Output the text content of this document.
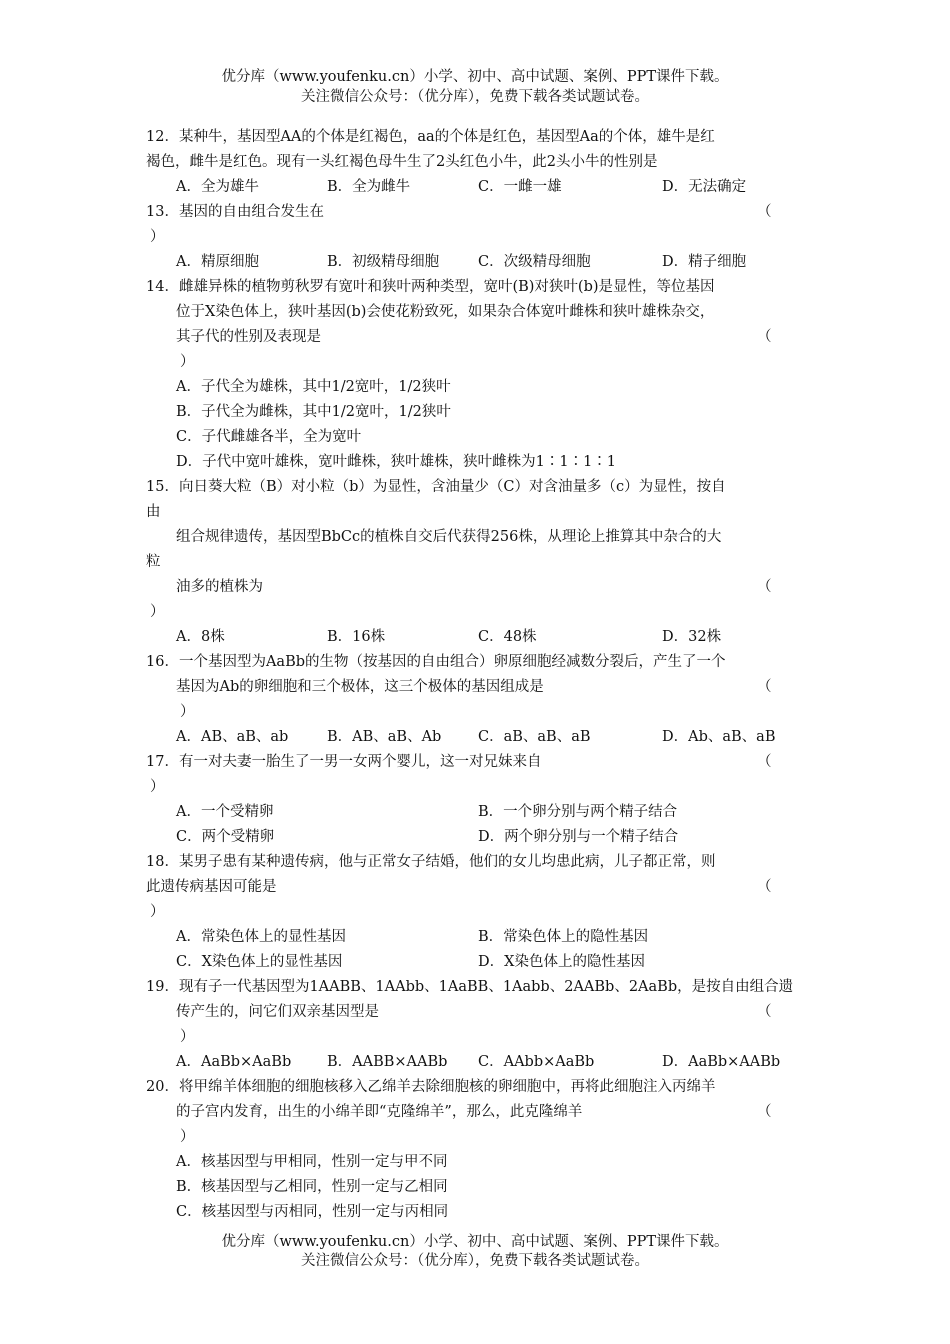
优分库（www.youfenku.cn）小学、初中、高中试题、案例、PPT课件下载。
关注微信公众号：（优分库），免费下载各类试题试卷。
12．某种牛，基因型AA的个体是红褐色，aa的个体是红色，基因型Aa的个体，雄牛是红
褐色，雌牛是红色。现有一头红褐色母牛生了2头红色小牛，此2头小牛的性别是
A．全为雄牛	B．全为雌牛	C．一雌一雄	D．无法确定
13．基因的自由组合发生在	（
）
A．精原细胞	B．初级精母细胞	C．次级精母细胞	D．精子细胞
14．雌雄异株的植物剪秋罗有宽叶和狭叶两种类型，宽叶(B)对狭叶(b)是显性，等位基因
位于X染色体上，狭叶基因(b)会使花粉致死，如果杂合体宽叶雌株和狭叶雄株杂交，
其子代的性别及表现是	（
）
A．子代全为雄株，其中1/2宽叶，1/2狭叶
B．子代全为雌株，其中1/2宽叶，1/2狭叶
C．子代雌雄各半，全为宽叶
D．子代中宽叶雄株，宽叶雌株，狭叶雄株，狭叶雌株为1∶1∶1∶1
15．向日葵大粒（B）对小粒（b）为显性，含油量少（C）对含油量多（c）为显性，按自
由
组合规律遗传，基因型BbCc的植株自交后代获得256株，从理论上推算其中杂合的大
粒
油多的植株为	（
）
A．8株	B．16株	C．48株	D．32株
16．一个基因型为AaBb的生物（按基因的自由组合）卵原细胞经减数分裂后，产生了一个
基因为Ab的卵细胞和三个极体，这三个极体的基因组成是	（
）
A．AB、aB、ab	B．AB、aB、Ab	C．aB、aB、aB	D．Ab、aB、aB
17．有一对夫妻一胎生了一男一女两个婴儿，这一对兄妹来自	（
）
A．一个受精卵	B．一个卵分别与两个精子结合
C．两个受精卵	D．两个卵分别与一个精子结合
18．某男子患有某种遗传病，他与正常女子结婚，他们的女儿均患此病，儿子都正常，则
此遗传病基因可能是	（
）
A．常染色体上的显性基因	B．常染色体上的隐性基因
C．X染色体上的显性基因	D．X染色体上的隐性基因
19．现有子一代基因型为1AABB、1AAbb、1AaBB、1Aabb、2AABb、2AaBb，是按自由组合遗
传产生的，问它们双亲基因型是	（
）
A．AaBb×AaBb B．AABB×AABb C．AAbb×AaBb	D．AaBb×AABb
20．将甲绵羊体细胞的细胞核移入乙绵羊去除细胞核的卵细胞中，再将此细胞注入丙绵羊
的子宫内发育，出生的小绵羊即“克隆绵羊”，那么，此克隆绵羊	（
）
A．核基因型与甲相同，性别一定与甲不同
B．核基因型与乙相同，性别一定与乙相同
C．核基因型与丙相同，性别一定与丙相同
优分库（www.youfenku.cn）小学、初中、高中试题、案例、PPT课件下载。
关注微信公众号：（优分库），免费下载各类试题试卷。
